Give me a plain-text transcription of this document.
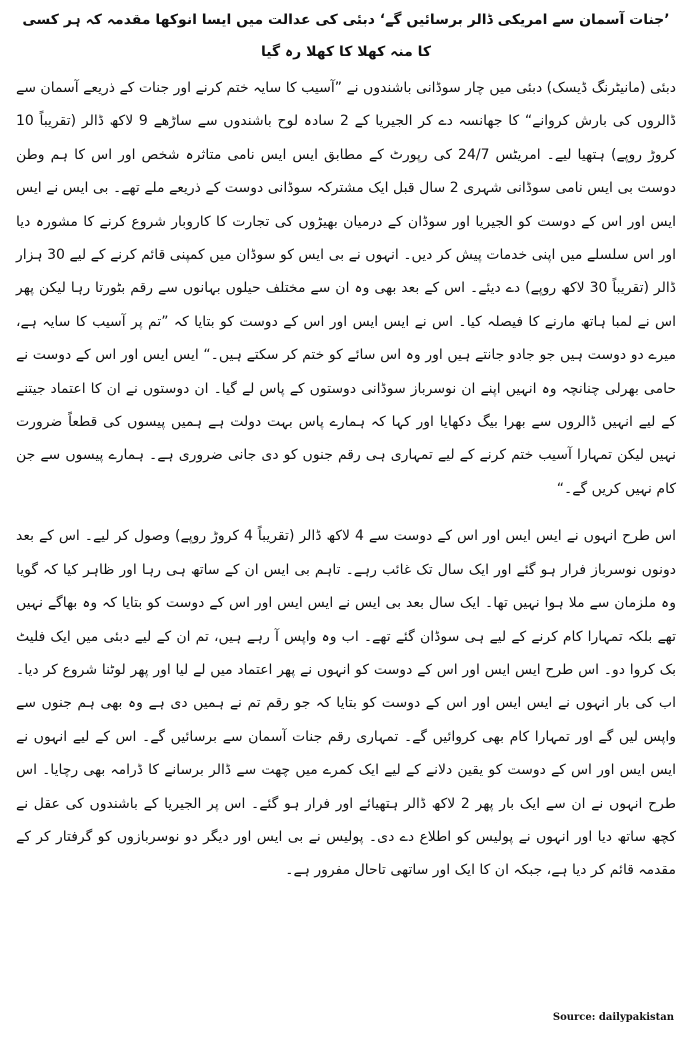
’جنات آسمان سے امریکی ڈالر برسائیں گے‘ دبئی کی عدالت میں ایسا انوکھا مقدمہ کہ ہر کسی کا منہ کھلا کا کھلا رہ گیا

دبئی (مانیٹرنگ ڈیسک) دبئی میں چار سوڈانی باشندوں نے ”آسیب کا سایہ ختم کرنے اور جنات کے ذریعے آسمان سے ڈالروں کی بارش کروانے“ کا جھانسہ دے کر الجیریا کے 2 سادہ لوح باشندوں سے ساڑھے 9 لاکھ ڈالر (تقریباً 10 کروڑ روپے) ہتھیا لیے۔ امریٹس 24/7 کی رپورٹ کے مطابق ایس ایس نامی متاثرہ شخص اور اس کا ہم وطن دوست بی ایس نامی سوڈانی شہری 2 سال قبل ایک مشترکہ سوڈانی دوست کے ذریعے ملے تھے۔ بی ایس نے ایس ایس اور اس کے دوست کو الجیریا اور سوڈان کے درمیان بھیڑوں کی تجارت کا کاروبار شروع کرنے کا مشورہ دیا اور اس سلسلے میں اپنی خدمات پیش کر دیں۔ انہوں نے بی ایس کو سوڈان میں کمپنی قائم کرنے کے لیے 30 ہزار ڈالر (تقریباً 30 لاکھ روپے) دے دیئے۔ اس کے بعد بھی وہ ان سے مختلف حیلوں بہانوں سے رقم بٹورتا رہا لیکن پھر اس نے لمبا ہاتھ مارنے کا فیصلہ کیا۔ اس نے ایس ایس اور اس کے دوست کو بتایا کہ ”تم پر آسیب کا سایہ ہے، میرے دو دوست ہیں جو جادو جانتے ہیں اور وہ اس سائے کو ختم کر سکتے ہیں۔“ ایس ایس اور اس کے دوست نے حامی بھرلی چنانچہ وہ انہیں اپنے ان نوسرباز سوڈانی دوستوں کے پاس لے گیا۔ ان دوستوں نے ان کا اعتماد جیتنے کے لیے انہیں ڈالروں سے بھرا بیگ دکھایا اور کہا کہ ہمارے پاس بہت دولت ہے ہمیں پیسوں کی قطعاً ضرورت نہیں لیکن تمہارا آسیب ختم کرنے کے لیے تمہاری ہی رقم جنوں کو دی جانی ضروری ہے۔ ہمارے پیسوں سے جن کام نہیں کریں گے۔“

اس طرح انہوں نے ایس ایس اور اس کے دوست سے 4 لاکھ ڈالر (تقریباً 4 کروڑ روپے) وصول کر لیے۔ اس کے بعد دونوں نوسرباز فرار ہو گئے اور ایک سال تک غائب رہے۔ تاہم بی ایس ان کے ساتھ ہی رہا اور ظاہر کیا کہ گویا وہ ملزمان سے ملا ہوا نہیں تھا۔ ایک سال بعد بی ایس نے ایس ایس اور اس کے دوست کو بتایا کہ وہ بھاگے نہیں تھے بلکہ تمہارا کام کرنے کے لیے ہی سوڈان گئے تھے۔ اب وہ واپس آ رہے ہیں، تم ان کے لیے دبئی میں ایک فلیٹ بک کروا دو۔ اس طرح ایس ایس اور اس کے دوست کو انہوں نے پھر اعتماد میں لے لیا اور پھر لوٹنا شروع کر دیا۔ اب کی بار انہوں نے ایس ایس اور اس کے دوست کو بتایا کہ جو رقم تم نے ہمیں دی ہے وہ بھی ہم جنوں سے واپس لیں گے اور تمہارا کام بھی کروائیں گے۔ تمہاری رقم جنات آسمان سے برسائیں گے۔ اس کے لیے انہوں نے ایس ایس اور اس کے دوست کو یقین دلانے کے لیے ایک کمرے میں چھت سے ڈالر برسانے کا ڈرامہ بھی رچایا۔ اس طرح انہوں نے ان سے ایک بار پھر 2 لاکھ ڈالر ہتھیائے اور فرار ہو گئے۔ اس پر الجیریا کے باشندوں کی عقل نے کچھ ساتھ دیا اور انہوں نے پولیس کو اطلاع دے دی۔ پولیس نے بی ایس اور دیگر دو نوسربازوں کو گرفتار کر کے مقدمہ قائم کر دیا ہے، جبکہ ان کا ایک اور ساتھی تاحال مفرور ہے۔

Source: dailypakistan
